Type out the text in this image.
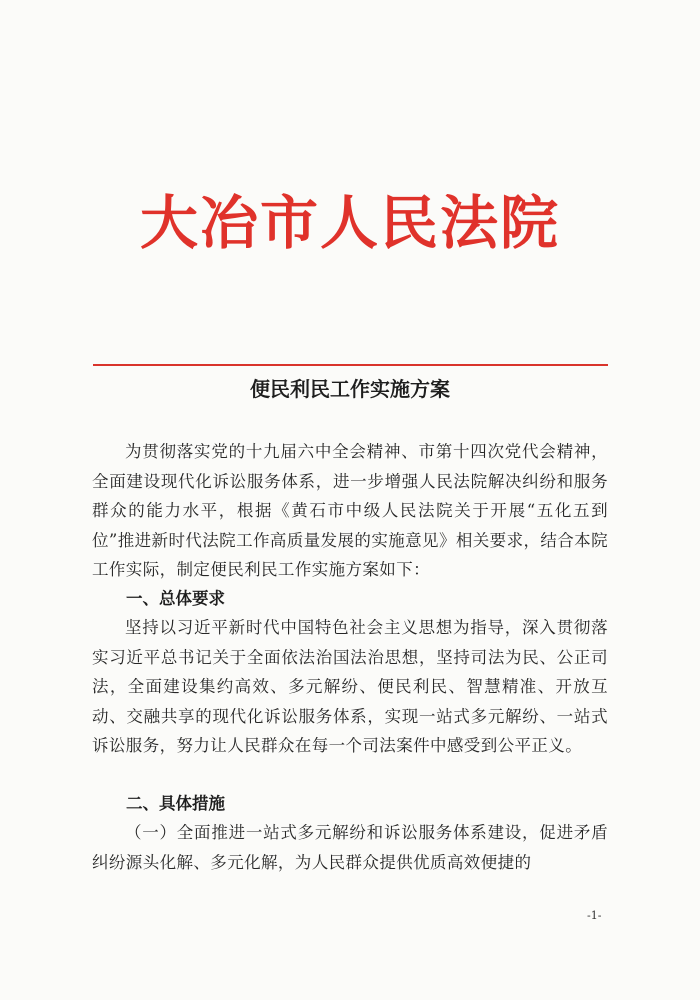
大冶市人民法院
便民利民工作实施方案

为贯彻落实党的十九届六中全会精神、市第十四次党代会精神，全面建设现代化诉讼服务体系，进一步增强人民法院解决纠纷和服务群众的能力水平，根据《黄石市中级人民法院关于开展“五化五到位”推进新时代法院工作高质量发展的实施意见》相关要求，结合本院工作实际，制定便民利民工作实施方案如下：

一、总体要求

坚持以习近平新时代中国特色社会主义思想为指导，深入贯彻落实习近平总书记关于全面依法治国法治思想，坚持司法为民、公正司法，全面建设集约高效、多元解纷、便民利民、智慧精准、开放互动、交融共享的现代化诉讼服务体系，实现一站式多元解纷、一站式诉讼服务，努力让人民群众在每一个司法案件中感受到公平正义。

二、具体措施

（一）全面推进一站式多元解纷和诉讼服务体系建设，促进矛盾纠纷源头化解、多元化解，为人民群众提供优质高效便捷的

-1-
